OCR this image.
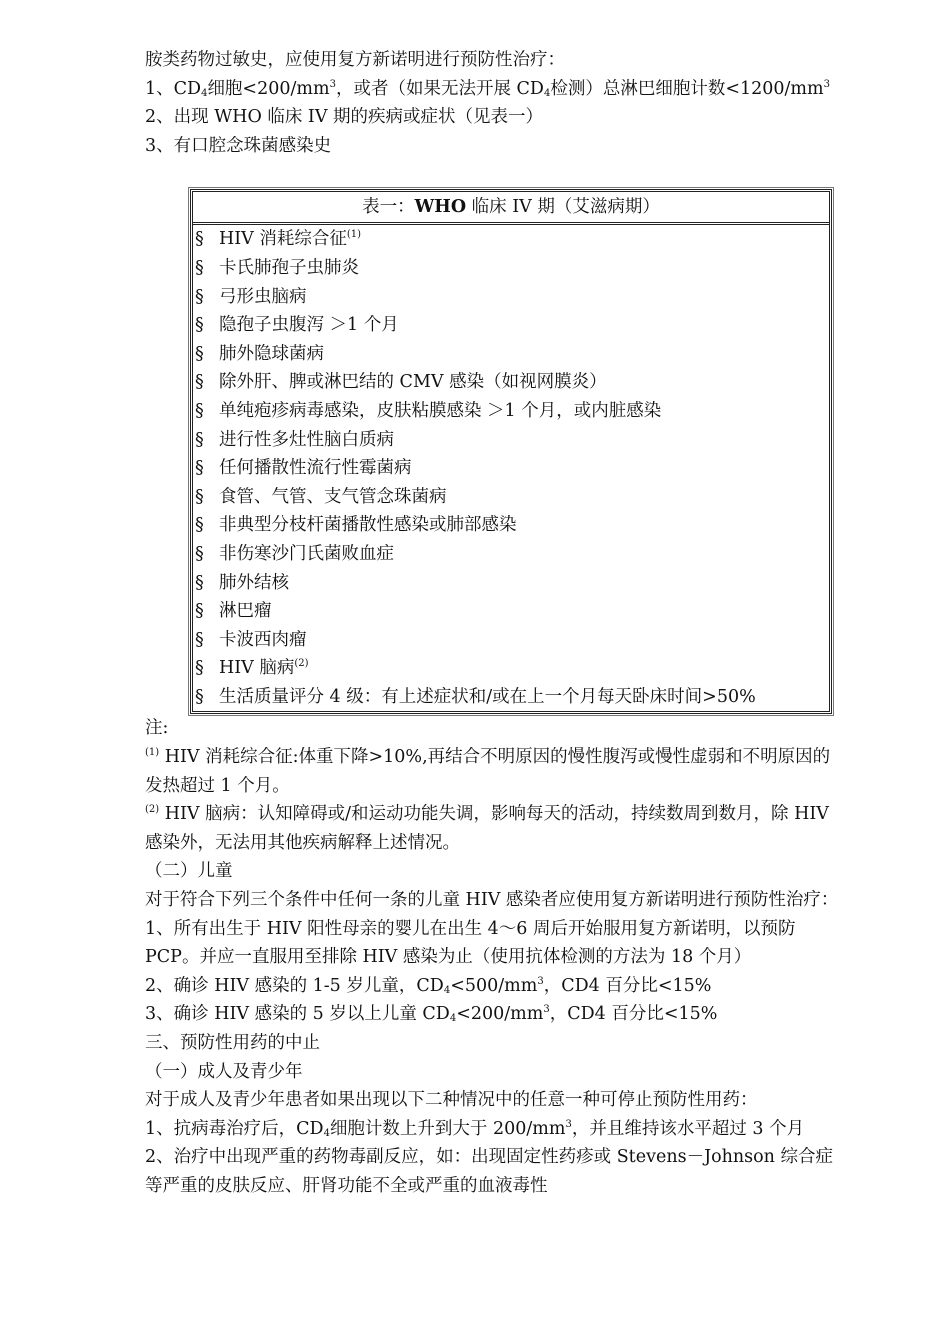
胺类药物过敏史，应使用复方新诺明进行预防性治疗：
1、$CD_4$细胞$<200/mm^3$，或者（如果无法开展 $CD_4$检测）总淋巴细胞计数$<1200/mm^3$
2、出现 WHO 临床 IV 期的疾病或症状（见表一）
3、有口腔念珠菌感染史
表一：WHO 临床 IV 期（艾滋病期）
§ HIV 消耗综合征$^{(1)}$
§ 卡氏肺孢子虫肺炎
§ 弓形虫脑病
§ 隐孢子虫腹泻 ＞1 个月
§ 肺外隐球菌病
§ 除外肝、脾或淋巴结的 CMV 感染（如视网膜炎）
§ 单纯疱疹病毒感染，皮肤粘膜感染 ＞1 个月，或内脏感染
§ 进行性多灶性脑白质病
§ 任何播散性流行性霉菌病
§ 食管、气管、支气管念珠菌病
§ 非典型分枝杆菌播散性感染或肺部感染
§ 非伤寒沙门氏菌败血症
§ 肺外结核
§ 淋巴瘤
§ 卡波西肉瘤
§ HIV 脑病$^{(2)}$
§ 生活质量评分 4 级：有上述症状和/或在上一个月每天卧床时间>50%
注:
$^{(1)}$ HIV 消耗综合征:体重下降>10%,再结合不明原因的慢性腹泻或慢性虚弱和不明原因的
发热超过 1 个月。
$^{(2)}$ HIV 脑病：认知障碍或/和运动功能失调，影响每天的活动，持续数周到数月，除 HIV
感染外，无法用其他疾病解释上述情况。
（二）儿童
对于符合下列三个条件中任何一条的儿童 HIV 感染者应使用复方新诺明进行预防性治疗：
1、所有出生于 HIV 阳性母亲的婴儿在出生 4～6 周后开始服用复方新诺明，以预防
PCP。并应一直服用至排除 HIV 感染为止（使用抗体检测的方法为 18 个月）
2、确诊 HIV 感染的 1-5 岁儿童，$CD_4<500/mm^3$，CD4 百分比<15%
3、确诊 HIV 感染的 5 岁以上儿童 $CD_4<200/mm^3$，CD4 百分比<15%
三、预防性用药的中止
（一）成人及青少年
对于成人及青少年患者如果出现以下二种情况中的任意一种可停止预防性用药：
1、抗病毒治疗后，$CD_4$细胞计数上升到大于 $200/mm^3$，并且维持该水平超过 3 个月
2、治疗中出现严重的药物毒副反应，如：出现固定性药疹或 Stevens－Johnson 综合症
等严重的皮肤反应、肝肾功能不全或严重的血液毒性
